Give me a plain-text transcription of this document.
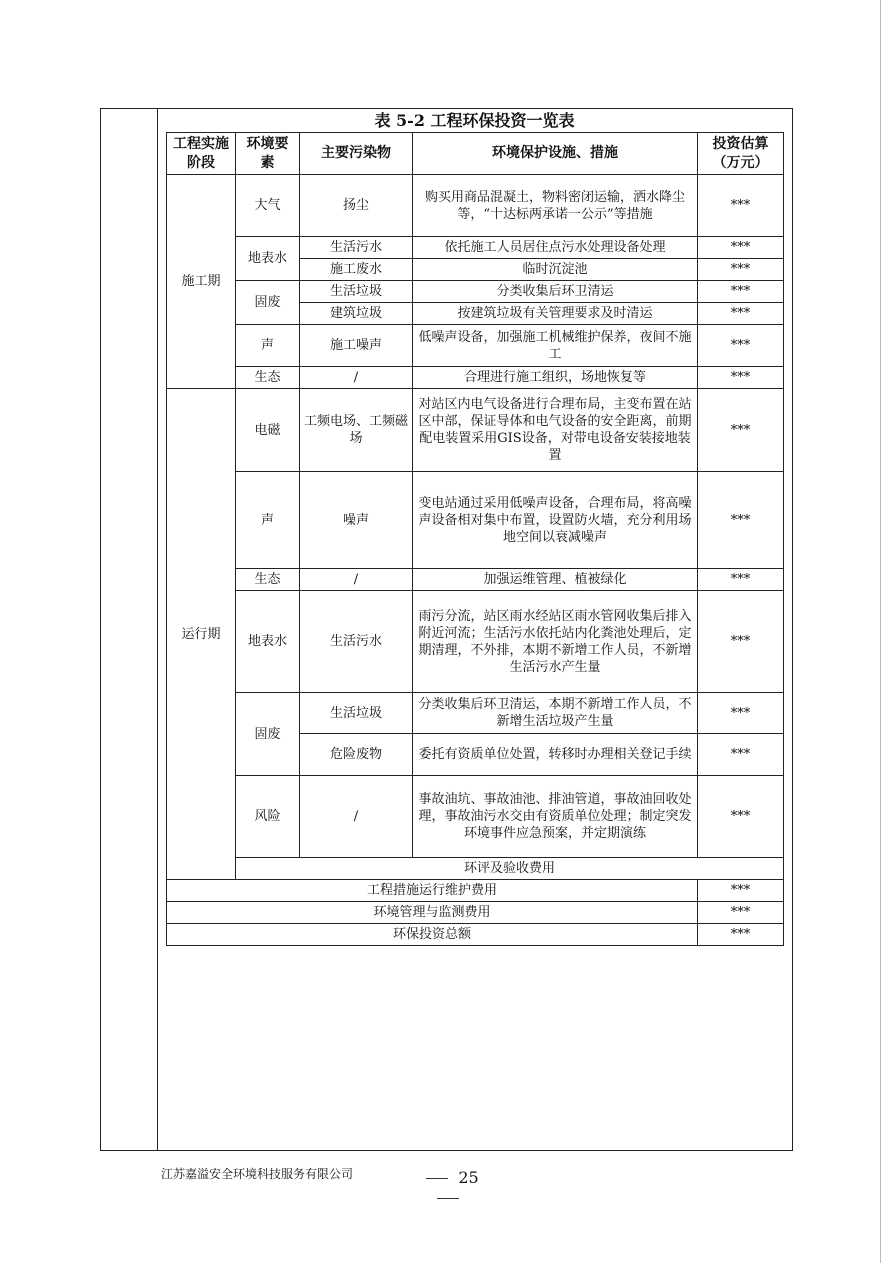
表 5-2 工程环保投资一览表
工程实施阶段	环境要素	主要污染物	环境保护设施、措施	投资估算（万元）	
施工期	大气	扬尘	购买用商品混凝土，物料密闭运输，洒水降尘等，“十达标两承诺一公示”等措施	***	
	地表水	生活污水	依托施工人员居住点污水处理设备处理	***	
		施工废水	临时沉淀池	***	
	固废	生活垃圾	分类收集后环卫清运	***	
		建筑垃圾	按建筑垃圾有关管理要求及时清运	***	
	声	施工噪声	低噪声设备，加强施工机械维护保养，夜间不施工	***	
	生态	/	合理进行施工组织，场地恢复等	***	
运行期	电磁	工频电场、工频磁场	对站区内电气设备进行合理布局，主变布置在站区中部，保证导体和电气设备的安全距离，前期配电装置采用GIS设备，对带电设备安装接地装置	***	
	声	噪声	变电站通过采用低噪声设备，合理布局，将高噪声设备相对集中布置，设置防火墙，充分利用场地空间以衰减噪声	***	
	生态	/	加强运维管理、植被绿化	***	
	地表水	生活污水	雨污分流，站区雨水经站区雨水管网收集后排入附近河流；生活污水依托站内化粪池处理后，定期清理，不外排，本期不新增工作人员，不新增生活污水产生量	***	
	固废	生活垃圾	分类收集后环卫清运，本期不新增工作人员，不新增生活垃圾产生量	***	
		危险废物	委托有资质单位处置，转移时办理相关登记手续	***	
	风险	/	事故油坑、事故油池、排油管道，事故油回收处理，事故油污水交由有资质单位处理；制定突发环境事件应急预案，并定期演练	***	
	环评及验收费用	
工程措施运行维护费用				***	
环境管理与监测费用				***	
环保投资总额				***	
江苏嘉溢安全环境科技服务有限公司	25
